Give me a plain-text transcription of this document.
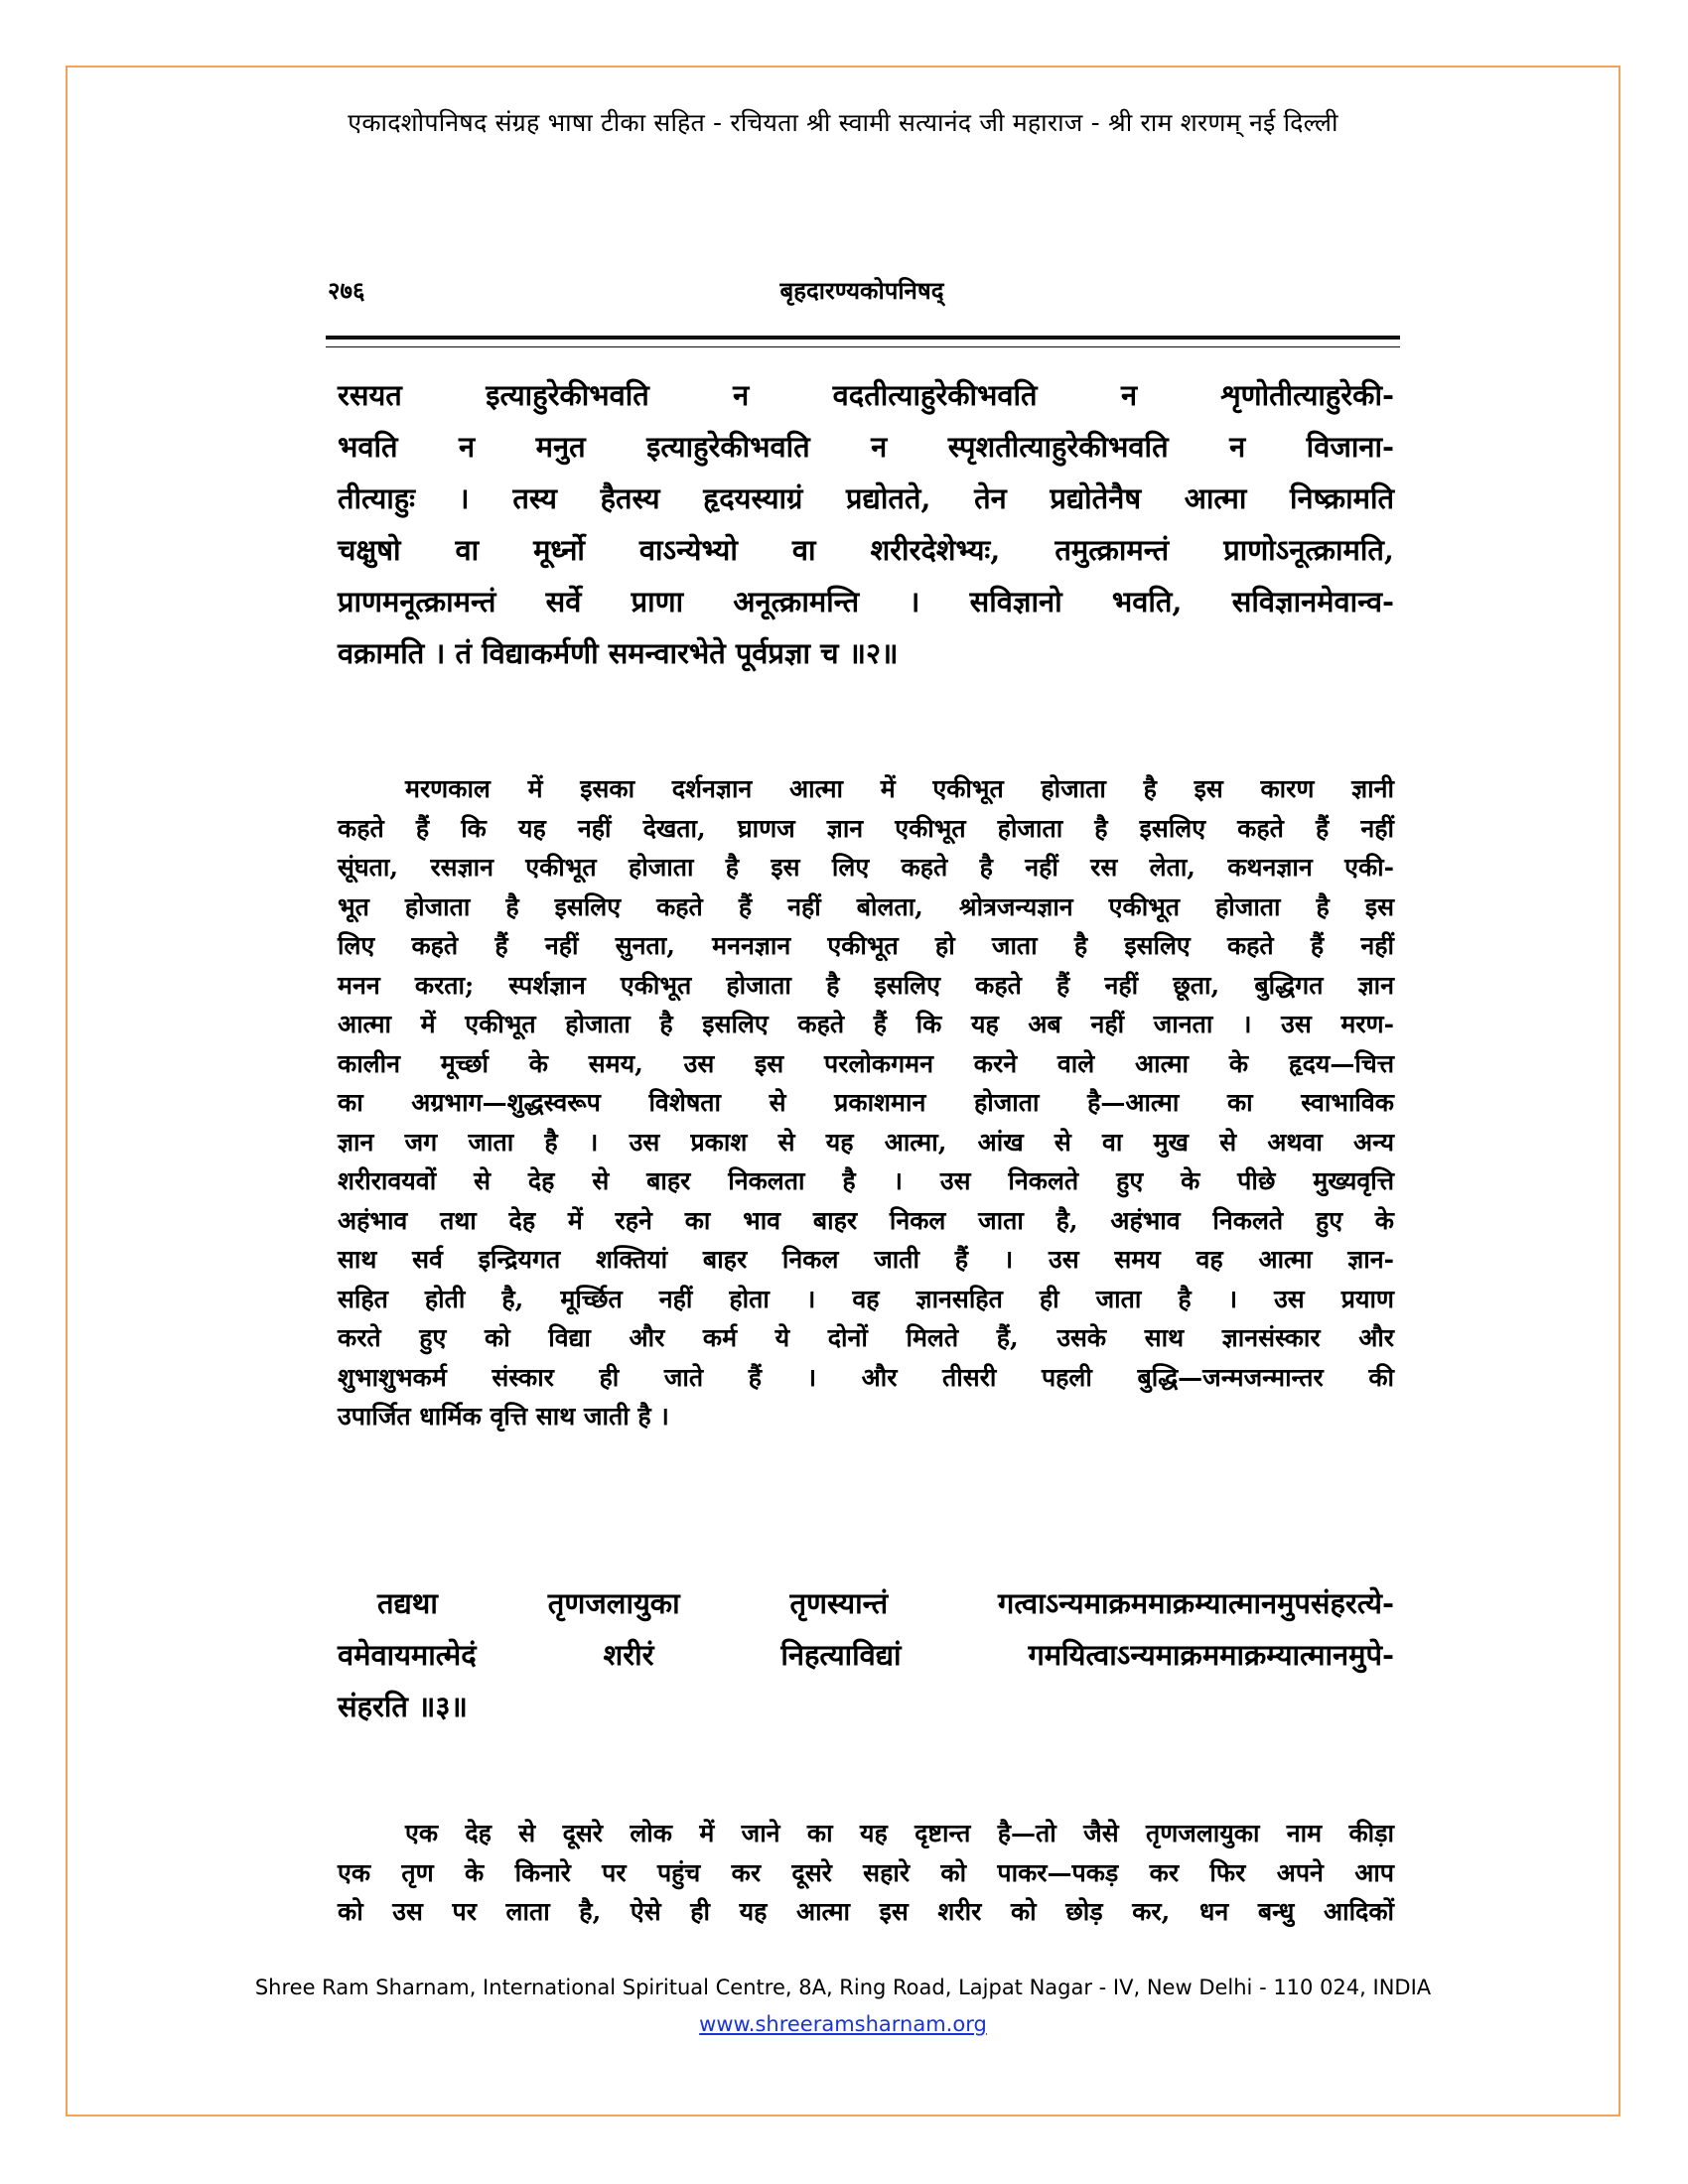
एकादशोपनिषद संग्रह भाषा टीका सहित - रचियता श्री स्वामी सत्यानंद जी महाराज - श्री राम शरणम् नई दिल्ली
२७६	बृहदारण्यकोपनिषद्

रसयत इत्याहुरेकीभवति न वदतीत्याहुरेकीभवति न शृणोतीत्याहुरेकी-

भवति न मनुत इत्याहुरेकीभवति न स्पृशतीत्याहुरेकीभवति न विजाना-

तीत्याहुः । तस्य हैतस्य हृदयस्याग्रं प्रद्योतते, तेन प्रद्योतेनैष आत्मा निष्क्रामति

चक्षुषो वा मूर्ध्नो वाऽन्येभ्यो वा शरीरदेशेभ्यः, तमुत्क्रामन्तं प्राणोऽनूत्क्रामति,

प्राणमनूत्क्रामन्तं सर्वे प्राणा अनूत्क्रामन्ति । सविज्ञानो भवति, सविज्ञानमेवान्व-

वक्रामति । तं विद्याकर्मणी समन्वारभेते पूर्वप्रज्ञा च ॥२॥

मरणकाल में इसका दर्शनज्ञान आत्मा में एकीभूत होजाता है इस कारण ज्ञानी

कहते हैं कि यह नहीं देखता, घ्राणज ज्ञान एकीभूत होजाता है इसलिए कहते हैं नहीं

सूंघता, रसज्ञान एकीभूत होजाता है इस लिए कहते है नहीं रस लेता, कथनज्ञान एकी-

भूत होजाता है इसलिए कहते हैं नहीं बोलता, श्रोत्रजन्यज्ञान एकीभूत होजाता है इस

लिए कहते हैं नहीं सुनता, मननज्ञान एकीभूत हो जाता है इसलिए कहते हैं नहीं

मनन करता; स्पर्शज्ञान एकीभूत होजाता है इसलिए कहते हैं नहीं छूता, बुद्धिगत ज्ञान

आत्मा में एकीभूत होजाता है इसलिए कहते हैं कि यह अब नहीं जानता । उस मरण-

कालीन मूर्च्छा के समय, उस इस परलोकगमन करने वाले आत्मा के हृदय—चित्त

का अग्रभाग—शुद्धस्वरूप विशेषता से प्रकाशमान होजाता है—आत्मा का स्वाभाविक

ज्ञान जग जाता है । उस प्रकाश से यह आत्मा, आंख से वा मुख से अथवा अन्य

शरीरावयवों से देह से बाहर निकलता है । उस निकलते हुए के पीछे मुख्यवृत्ति

अहंभाव तथा देह में रहने का भाव बाहर निकल जाता है, अहंभाव निकलते हुए के

साथ सर्व इन्द्रियगत शक्तियां बाहर निकल जाती हैं । उस समय वह आत्मा ज्ञान-

सहित होती है, मूर्च्छित नहीं होता । वह ज्ञानसहित ही जाता है । उस प्रयाण

करते हुए को विद्या और कर्म ये दोनों मिलते हैं, उसके साथ ज्ञानसंस्कार और

शुभाशुभकर्म संस्कार ही जाते हैं । और तीसरी पहली बुद्धि—जन्मजन्मान्तर की

उपार्जित धार्मिक वृत्ति साथ जाती है ।

तद्यथा तृणजलायुका तृणस्यान्तं गत्वाऽन्यमाक्रममाक्रम्यात्मानमुपसंहरत्ये-

वमेवायमात्मेदं शरीरं निहत्याविद्यां गमयित्वाऽन्यमाक्रममाक्रम्यात्मानमुपे-

संहरति ॥३॥

एक देह से दूसरे लोक में जाने का यह दृष्टान्त है—तो जैसे तृणजलायुका नाम कीड़ा

एक तृण के किनारे पर पहुंच कर दूसरे सहारे को पाकर—पकड़ कर फिर अपने आप

को उस पर लाता है, ऐसे ही यह आत्मा इस शरीर को छोड़ कर, धन बन्धु आदिकों

Shree Ram Sharnam, International Spiritual Centre, 8A, Ring Road, Lajpat Nagar - IV, New Delhi - 110 024, INDIA
www.shreeramsharnam.org
